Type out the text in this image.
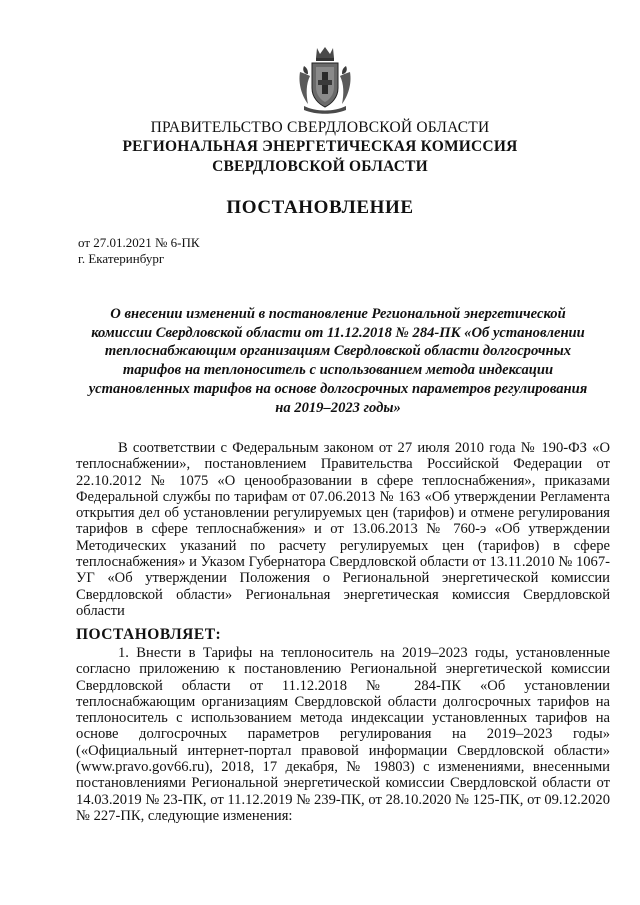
ПРАВИТЕЛЬСТВО СВЕРДЛОВСКОЙ ОБЛАСТИ
РЕГИОНАЛЬНАЯ ЭНЕРГЕТИЧЕСКАЯ КОМИССИЯ
СВЕРДЛОВСКОЙ ОБЛАСТИ
ПОСТАНОВЛЕНИЕ
от 27.01.2021 № 6-ПК
г. Екатеринбург
О внесении изменений в постановление Региональной энергетической комиссии Свердловской области от 11.12.2018 № 284-ПК «Об установлении теплоснабжающим организациям Свердловской области долгосрочных тарифов на теплоноситель с использованием метода индексации установленных тарифов на основе долгосрочных параметров регулирования на 2019–2023 годы»
В соответствии с Федеральным законом от 27 июля 2010 года № 190-ФЗ «О теплоснабжении», постановлением Правительства Российской Федерации от 22.10.2012 № 1075 «О ценообразовании в сфере теплоснабжения», приказами Федеральной службы по тарифам от 07.06.2013 № 163 «Об утверждении Регламента открытия дел об установлении регулируемых цен (тарифов) и отмене регулирования тарифов в сфере теплоснабжения» и от 13.06.2013 № 760-э «Об утверждении Методических указаний по расчету регулируемых цен (тарифов) в сфере теплоснабжения» и Указом Губернатора Свердловской области от 13.11.2010 № 1067-УГ «Об утверждении Положения о Региональной энергетической комиссии Свердловской области» Региональная энергетическая комиссия Свердловской области
ПОСТАНОВЛЯЕТ:
1. Внести в Тарифы на теплоноситель на 2019–2023 годы, установленные согласно приложению к постановлению Региональной энергетической комиссии Свердловской области от 11.12.2018 № 284-ПК «Об установлении теплоснабжающим организациям Свердловской области долгосрочных тарифов на теплоноситель с использованием метода индексации установленных тарифов на основе долгосрочных параметров регулирования на 2019–2023 годы» («Официальный интернет-портал правовой информации Свердловской области» (www.pravo.gov66.ru), 2018, 17 декабря, № 19803) с изменениями, внесенными постановлениями Региональной энергетической комиссии Свердловской области от 14.03.2019 № 23-ПК, от 11.12.2019 № 239-ПК, от 28.10.2020 № 125-ПК, от 09.12.2020 № 227-ПК, следующие изменения:
